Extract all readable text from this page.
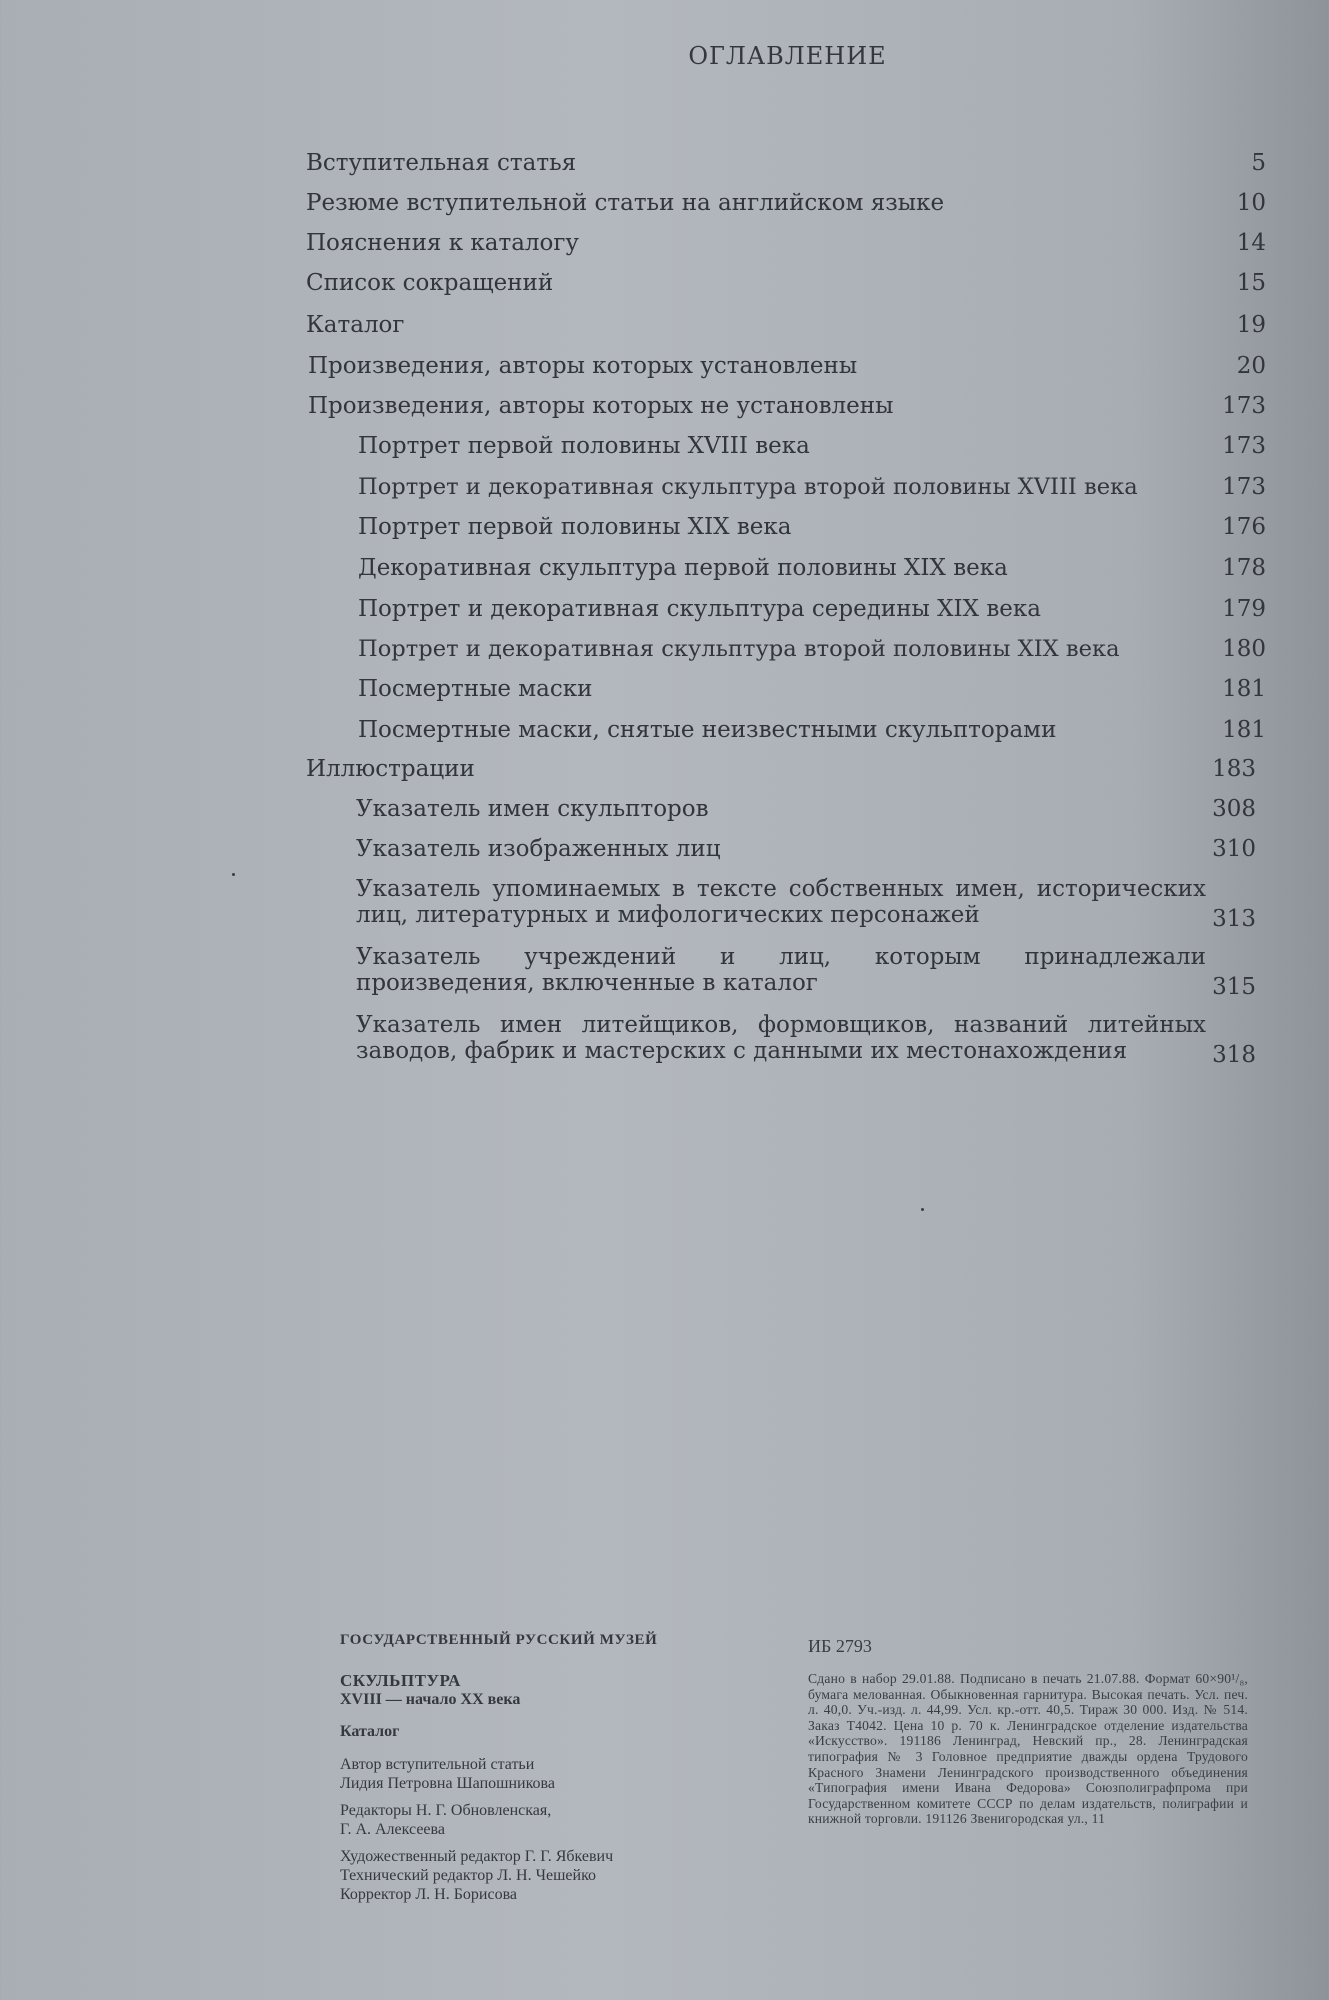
ОГЛАВЛЕНИЕ
Вступительная статья	5
Резюме вступительной статьи на английском языке	10
Пояснения к каталогу	14
Список сокращений	15
Каталог	19
Произведения, авторы которых установлены	20
Произведения, авторы которых не установлены	173
Портрет первой половины XVIII века	173
Портрет и декоративная скульптура второй половины XVIII века	173
Портрет первой половины XIX века	176
Декоративная скульптура первой половины XIX века	178
Портрет и декоративная скульптура середины XIX века	179
Портрет и декоративная скульптура второй половины XIX века	180
Посмертные маски	181
Посмертные маски, снятые неизвестными скульпторами	181
Иллюстрации	183
Указатель имен скульпторов	308
Указатель изображенных лиц	310
Указатель упоминаемых в тексте собственных имен, исторических лиц, литературных и мифологических персонажей	313
Указатель учреждений и лиц, которым принадлежали произведения, включенные в каталог	315
Указатель имен литейщиков, формовщиков, названий литейных заводов, фабрик и мастерских с данными их местонахождения	318
ГОСУДАРСТВЕННЫЙ РУССКИЙ МУЗЕЙ
СКУЛЬПТУРА
XVIII — начало XX века
Каталог
Автор вступительной статьи
Лидия Петровна Шапошникова
Редакторы Н. Г. Обновленская,
Г. А. Алексеева
Художественный редактор Г. Г. Ябкевич
Технический редактор Л. Н. Чешейко
Корректор Л. Н. Борисова
ИБ 2793
Сдано в набор 29.01.88. Подписано в печать 21.07.88. Формат 60×90¹/₈, бумага мелованная. Обыкновенная гарнитура. Высокая печать. Усл. печ. л. 40,0. Уч.-изд. л. 44,99. Усл. кр.-отт. 40,5. Тираж 30 000. Изд. № 514. Заказ Т4042. Цена 10 р. 70 к. Ленинградское отделение издательства «Искусство». 191186 Ленинград, Невский пр., 28. Ленинградская типография № 3 Головное предприятие дважды ордена Трудового Красного Знамени Ленинградского производственного объединения «Типография имени Ивана Федорова» Союзполиграфпрома при Государственном комитете СССР по делам издательств, полиграфии и книжной торговли. 191126 Звенигородская ул., 11
